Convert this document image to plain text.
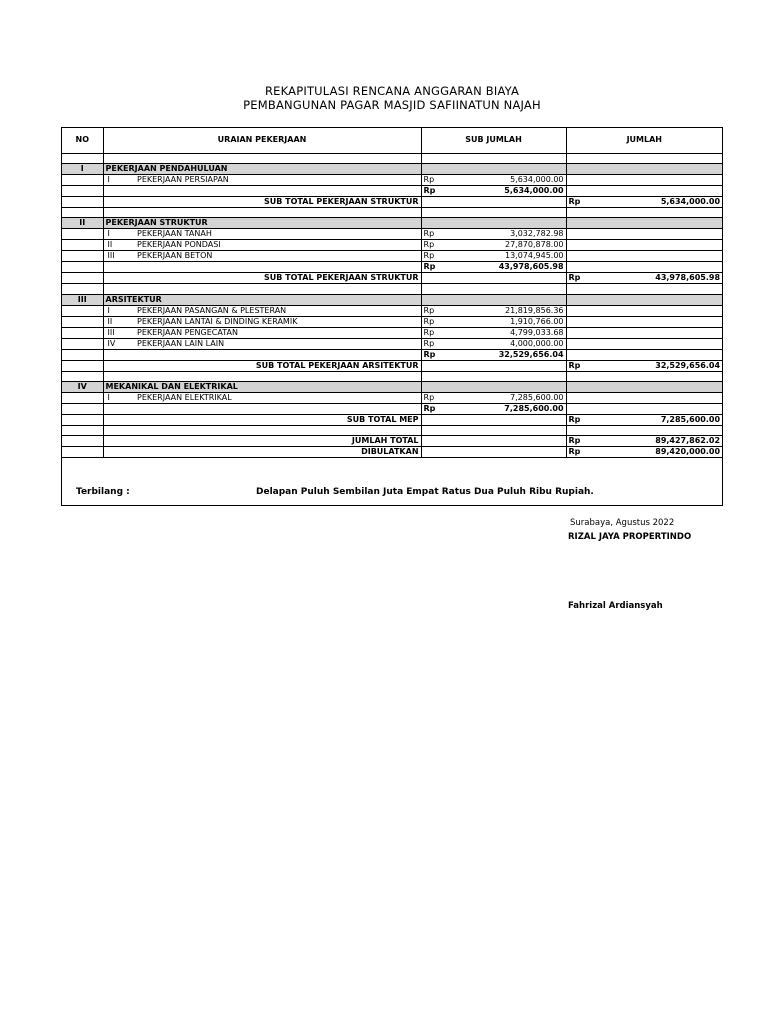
REKAPITULASI RENCANA ANGGARAN BIAYA
PEMBANGUNAN PAGAR MASJID SAFIINATUN NAJAH
NO	URAIAN PEKERJAAN		SUB JUMLAH		JUMLAH	

I	PEKERJAAN PENDAHULUAN					
	I	PEKERJAAN PERSIAPAN	Rp	5,634,000.00		
			Rp	5,634,000.00		
	SUB TOTAL PEKERJAAN STRUKTUR				Rp	5,634,000.00

II	PEKERJAAN STRUKTUR					
	I	PEKERJAAN TANAH	Rp	3,032,782.98		
	II	PEKERJAAN PONDASI	Rp	27,870,878.00		
	III	PEKERJAAN BETON	Rp	13,074,945.00		
			Rp	43,978,605.98		
	SUB TOTAL PEKERJAAN STRUKTUR				Rp	43,978,605.98

III	ARSITEKTUR					
	I	PEKERJAAN PASANGAN & PLESTERAN	Rp	21,819,856.36		
	II	PEKERJAAN LANTAI & DINDING KERAMIK	Rp	1,910,766.00		
	III	PEKERJAAN PENGECATAN	Rp	4,799,033.68		
	IV	PEKERJAAN LAIN LAIN	Rp	4,000,000.00		
			Rp	32,529,656.04		
	SUB TOTAL PEKERJAAN ARSITEKTUR				Rp	32,529,656.04

IV	MEKANIKAL DAN ELEKTRIKAL					
	I	PEKERJAAN ELEKTRIKAL	Rp	7,285,600.00		
			Rp	7,285,600.00		
	SUB TOTAL MEP				Rp	7,285,600.00

	JUMLAH TOTAL				Rp	89,427,862.02
	DIBULATKAN				Rp	89,420,000.00
Terbilang :	Delapan Puluh Sembilan Juta Empat Ratus Dua Puluh Ribu Rupiah.
Surabaya, Agustus 2022
RIZAL JAYA PROPERTINDO
Fahrizal Ardiansyah
